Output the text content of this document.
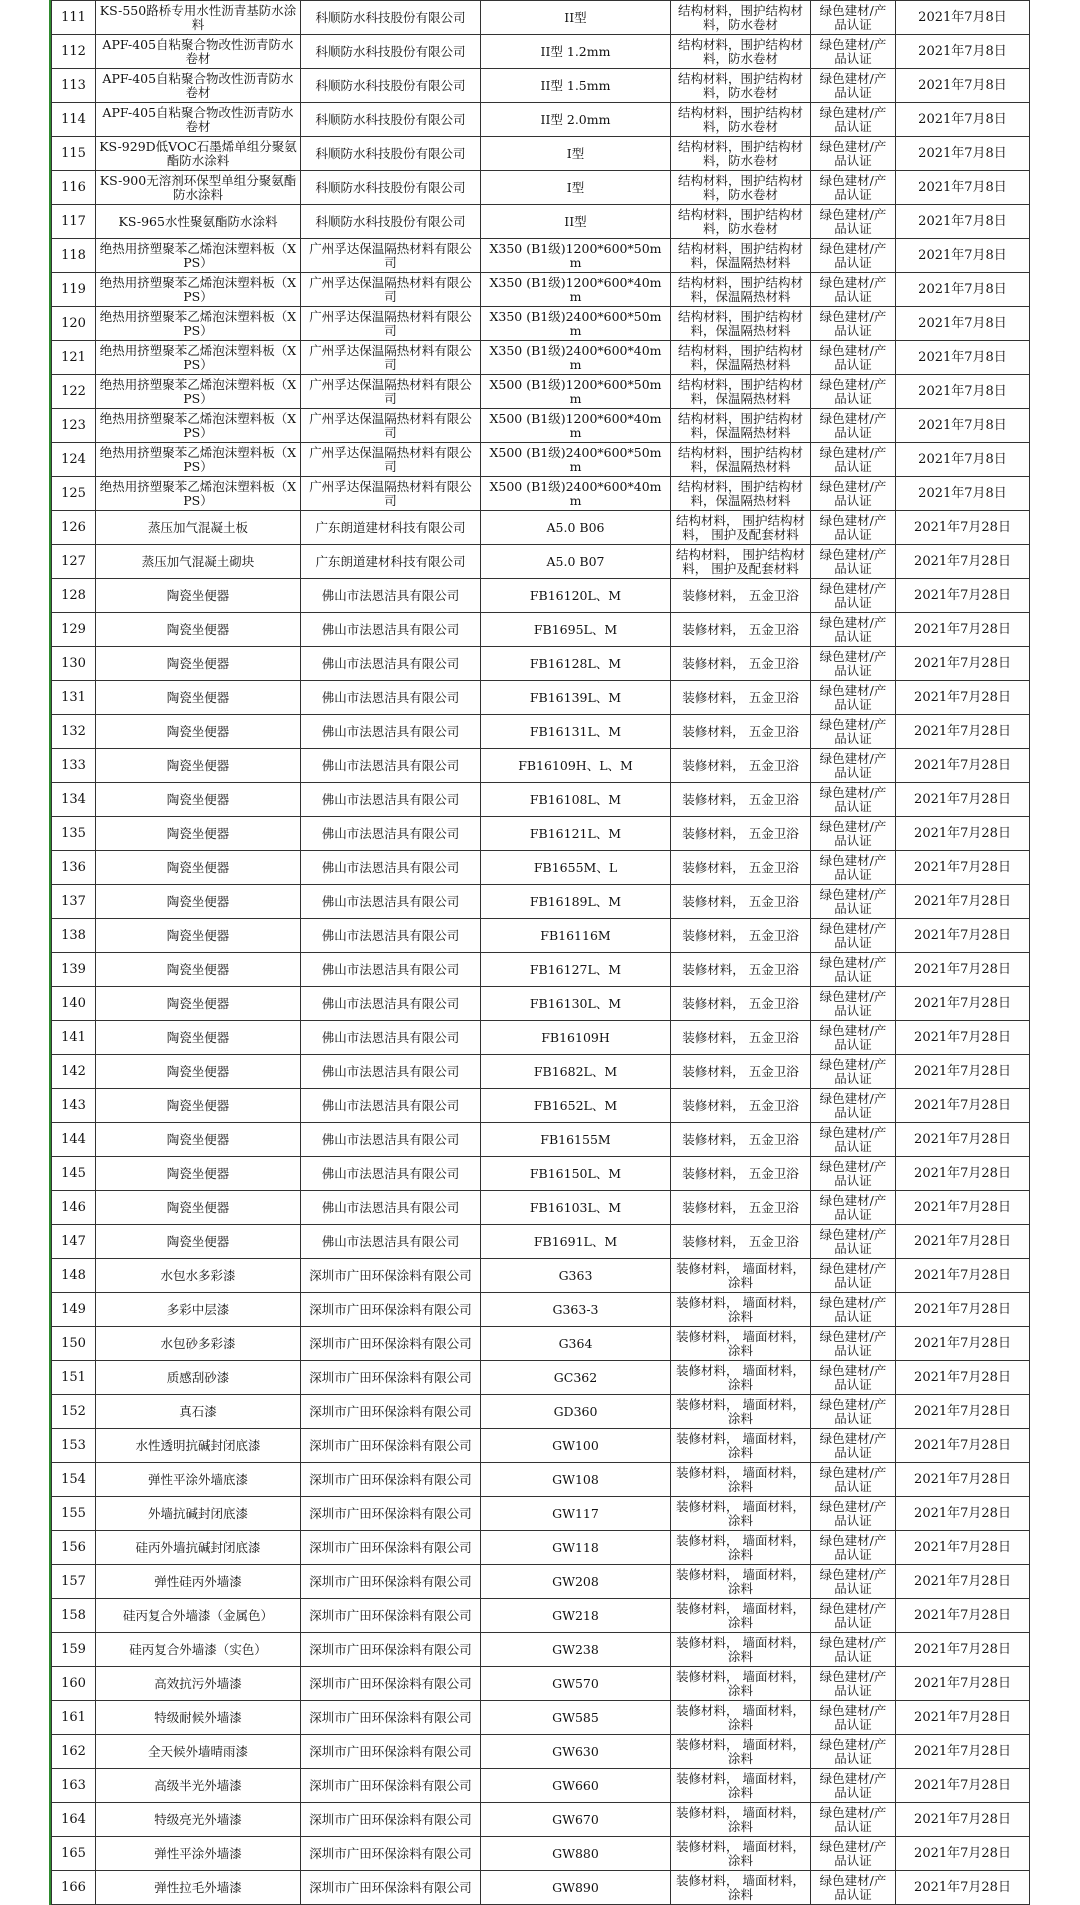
111	KS-550路桥专用水性沥青基防水涂料	科顺防水科技股份有限公司	II型	结构材料，围护结构材料，防水卷材	绿色建材/产品认证	2021年7月8日
112	APF-405自粘聚合物改性沥青防水卷材	科顺防水科技股份有限公司	II型 1.2mm	结构材料，围护结构材料，防水卷材	绿色建材/产品认证	2021年7月8日
113	APF-405自粘聚合物改性沥青防水卷材	科顺防水科技股份有限公司	II型 1.5mm	结构材料，围护结构材料，防水卷材	绿色建材/产品认证	2021年7月8日
114	APF-405自粘聚合物改性沥青防水卷材	科顺防水科技股份有限公司	II型 2.0mm	结构材料，围护结构材料，防水卷材	绿色建材/产品认证	2021年7月8日
115	KS-929D低VOC石墨烯单组分聚氨酯防水涂料	科顺防水科技股份有限公司	I型	结构材料，围护结构材料，防水卷材	绿色建材/产品认证	2021年7月8日
116	KS-900无溶剂环保型单组分聚氨酯防水涂料	科顺防水科技股份有限公司	I型	结构材料，围护结构材料，防水卷材	绿色建材/产品认证	2021年7月8日
117	KS-965水性聚氨酯防水涂料	科顺防水科技股份有限公司	II型	结构材料，围护结构材料，防水卷材	绿色建材/产品认证	2021年7月8日
118	绝热用挤塑聚苯乙烯泡沫塑料板（XPS）	广州孚达保温隔热材料有限公司	X350 (B1级)1200*600*50mm	结构材料，围护结构材料，保温隔热材料	绿色建材/产品认证	2021年7月8日
119	绝热用挤塑聚苯乙烯泡沫塑料板（XPS）	广州孚达保温隔热材料有限公司	X350 (B1级)1200*600*40mm	结构材料，围护结构材料，保温隔热材料	绿色建材/产品认证	2021年7月8日
120	绝热用挤塑聚苯乙烯泡沫塑料板（XPS）	广州孚达保温隔热材料有限公司	X350 (B1级)2400*600*50mm	结构材料，围护结构材料，保温隔热材料	绿色建材/产品认证	2021年7月8日
121	绝热用挤塑聚苯乙烯泡沫塑料板（XPS）	广州孚达保温隔热材料有限公司	X350 (B1级)2400*600*40mm	结构材料，围护结构材料，保温隔热材料	绿色建材/产品认证	2021年7月8日
122	绝热用挤塑聚苯乙烯泡沫塑料板（XPS）	广州孚达保温隔热材料有限公司	X500 (B1级)1200*600*50mm	结构材料，围护结构材料，保温隔热材料	绿色建材/产品认证	2021年7月8日
123	绝热用挤塑聚苯乙烯泡沫塑料板（XPS）	广州孚达保温隔热材料有限公司	X500 (B1级)1200*600*40mm	结构材料，围护结构材料，保温隔热材料	绿色建材/产品认证	2021年7月8日
124	绝热用挤塑聚苯乙烯泡沫塑料板（XPS）	广州孚达保温隔热材料有限公司	X500 (B1级)2400*600*50mm	结构材料，围护结构材料，保温隔热材料	绿色建材/产品认证	2021年7月8日
125	绝热用挤塑聚苯乙烯泡沫塑料板（XPS）	广州孚达保温隔热材料有限公司	X500 (B1级)2400*600*40mm	结构材料，围护结构材料，保温隔热材料	绿色建材/产品认证	2021年7月8日
126	蒸压加气混凝土板	广东朗道建材科技有限公司	A5.0 B06	结构材料， 围护结构材料， 围护及配套材料	绿色建材/产品认证	2021年7月28日
127	蒸压加气混凝土砌块	广东朗道建材科技有限公司	A5.0 B07	结构材料， 围护结构材料， 围护及配套材料	绿色建材/产品认证	2021年7月28日
128	陶瓷坐便器	佛山市法恩洁具有限公司	FB16120L、M	装修材料， 五金卫浴	绿色建材/产品认证	2021年7月28日
129	陶瓷坐便器	佛山市法恩洁具有限公司	FB1695L、M	装修材料， 五金卫浴	绿色建材/产品认证	2021年7月28日
130	陶瓷坐便器	佛山市法恩洁具有限公司	FB16128L、M	装修材料， 五金卫浴	绿色建材/产品认证	2021年7月28日
131	陶瓷坐便器	佛山市法恩洁具有限公司	FB16139L、M	装修材料， 五金卫浴	绿色建材/产品认证	2021年7月28日
132	陶瓷坐便器	佛山市法恩洁具有限公司	FB16131L、M	装修材料， 五金卫浴	绿色建材/产品认证	2021年7月28日
133	陶瓷坐便器	佛山市法恩洁具有限公司	FB16109H、L、M	装修材料， 五金卫浴	绿色建材/产品认证	2021年7月28日
134	陶瓷坐便器	佛山市法恩洁具有限公司	FB16108L、M	装修材料， 五金卫浴	绿色建材/产品认证	2021年7月28日
135	陶瓷坐便器	佛山市法恩洁具有限公司	FB16121L、M	装修材料， 五金卫浴	绿色建材/产品认证	2021年7月28日
136	陶瓷坐便器	佛山市法恩洁具有限公司	FB1655M、L	装修材料， 五金卫浴	绿色建材/产品认证	2021年7月28日
137	陶瓷坐便器	佛山市法恩洁具有限公司	FB16189L、M	装修材料， 五金卫浴	绿色建材/产品认证	2021年7月28日
138	陶瓷坐便器	佛山市法恩洁具有限公司	FB16116M	装修材料， 五金卫浴	绿色建材/产品认证	2021年7月28日
139	陶瓷坐便器	佛山市法恩洁具有限公司	FB16127L、M	装修材料， 五金卫浴	绿色建材/产品认证	2021年7月28日
140	陶瓷坐便器	佛山市法恩洁具有限公司	FB16130L、M	装修材料， 五金卫浴	绿色建材/产品认证	2021年7月28日
141	陶瓷坐便器	佛山市法恩洁具有限公司	FB16109H	装修材料， 五金卫浴	绿色建材/产品认证	2021年7月28日
142	陶瓷坐便器	佛山市法恩洁具有限公司	FB1682L、M	装修材料， 五金卫浴	绿色建材/产品认证	2021年7月28日
143	陶瓷坐便器	佛山市法恩洁具有限公司	FB1652L、M	装修材料， 五金卫浴	绿色建材/产品认证	2021年7月28日
144	陶瓷坐便器	佛山市法恩洁具有限公司	FB16155M	装修材料， 五金卫浴	绿色建材/产品认证	2021年7月28日
145	陶瓷坐便器	佛山市法恩洁具有限公司	FB16150L、M	装修材料， 五金卫浴	绿色建材/产品认证	2021年7月28日
146	陶瓷坐便器	佛山市法恩洁具有限公司	FB16103L、M	装修材料， 五金卫浴	绿色建材/产品认证	2021年7月28日
147	陶瓷坐便器	佛山市法恩洁具有限公司	FB1691L、M	装修材料， 五金卫浴	绿色建材/产品认证	2021年7月28日
148	水包水多彩漆	深圳市广田环保涂料有限公司	G363	装修材料， 墙面材料， 涂料	绿色建材/产品认证	2021年7月28日
149	多彩中层漆	深圳市广田环保涂料有限公司	G363-3	装修材料， 墙面材料， 涂料	绿色建材/产品认证	2021年7月28日
150	水包砂多彩漆	深圳市广田环保涂料有限公司	G364	装修材料， 墙面材料， 涂料	绿色建材/产品认证	2021年7月28日
151	质感刮砂漆	深圳市广田环保涂料有限公司	GC362	装修材料， 墙面材料， 涂料	绿色建材/产品认证	2021年7月28日
152	真石漆	深圳市广田环保涂料有限公司	GD360	装修材料， 墙面材料， 涂料	绿色建材/产品认证	2021年7月28日
153	水性透明抗碱封闭底漆	深圳市广田环保涂料有限公司	GW100	装修材料， 墙面材料， 涂料	绿色建材/产品认证	2021年7月28日
154	弹性平涂外墙底漆	深圳市广田环保涂料有限公司	GW108	装修材料， 墙面材料， 涂料	绿色建材/产品认证	2021年7月28日
155	外墙抗碱封闭底漆	深圳市广田环保涂料有限公司	GW117	装修材料， 墙面材料， 涂料	绿色建材/产品认证	2021年7月28日
156	硅丙外墙抗碱封闭底漆	深圳市广田环保涂料有限公司	GW118	装修材料， 墙面材料， 涂料	绿色建材/产品认证	2021年7月28日
157	弹性硅丙外墙漆	深圳市广田环保涂料有限公司	GW208	装修材料， 墙面材料， 涂料	绿色建材/产品认证	2021年7月28日
158	硅丙复合外墙漆（金属色）	深圳市广田环保涂料有限公司	GW218	装修材料， 墙面材料， 涂料	绿色建材/产品认证	2021年7月28日
159	硅丙复合外墙漆（实色）	深圳市广田环保涂料有限公司	GW238	装修材料， 墙面材料， 涂料	绿色建材/产品认证	2021年7月28日
160	高效抗污外墙漆	深圳市广田环保涂料有限公司	GW570	装修材料， 墙面材料， 涂料	绿色建材/产品认证	2021年7月28日
161	特级耐候外墙漆	深圳市广田环保涂料有限公司	GW585	装修材料， 墙面材料， 涂料	绿色建材/产品认证	2021年7月28日
162	全天候外墙晴雨漆	深圳市广田环保涂料有限公司	GW630	装修材料， 墙面材料， 涂料	绿色建材/产品认证	2021年7月28日
163	高级半光外墙漆	深圳市广田环保涂料有限公司	GW660	装修材料， 墙面材料， 涂料	绿色建材/产品认证	2021年7月28日
164	特级亮光外墙漆	深圳市广田环保涂料有限公司	GW670	装修材料， 墙面材料， 涂料	绿色建材/产品认证	2021年7月28日
165	弹性平涂外墙漆	深圳市广田环保涂料有限公司	GW880	装修材料， 墙面材料， 涂料	绿色建材/产品认证	2021年7月28日
166	弹性拉毛外墙漆	深圳市广田环保涂料有限公司	GW890	装修材料， 墙面材料， 涂料	绿色建材/产品认证	2021年7月28日
